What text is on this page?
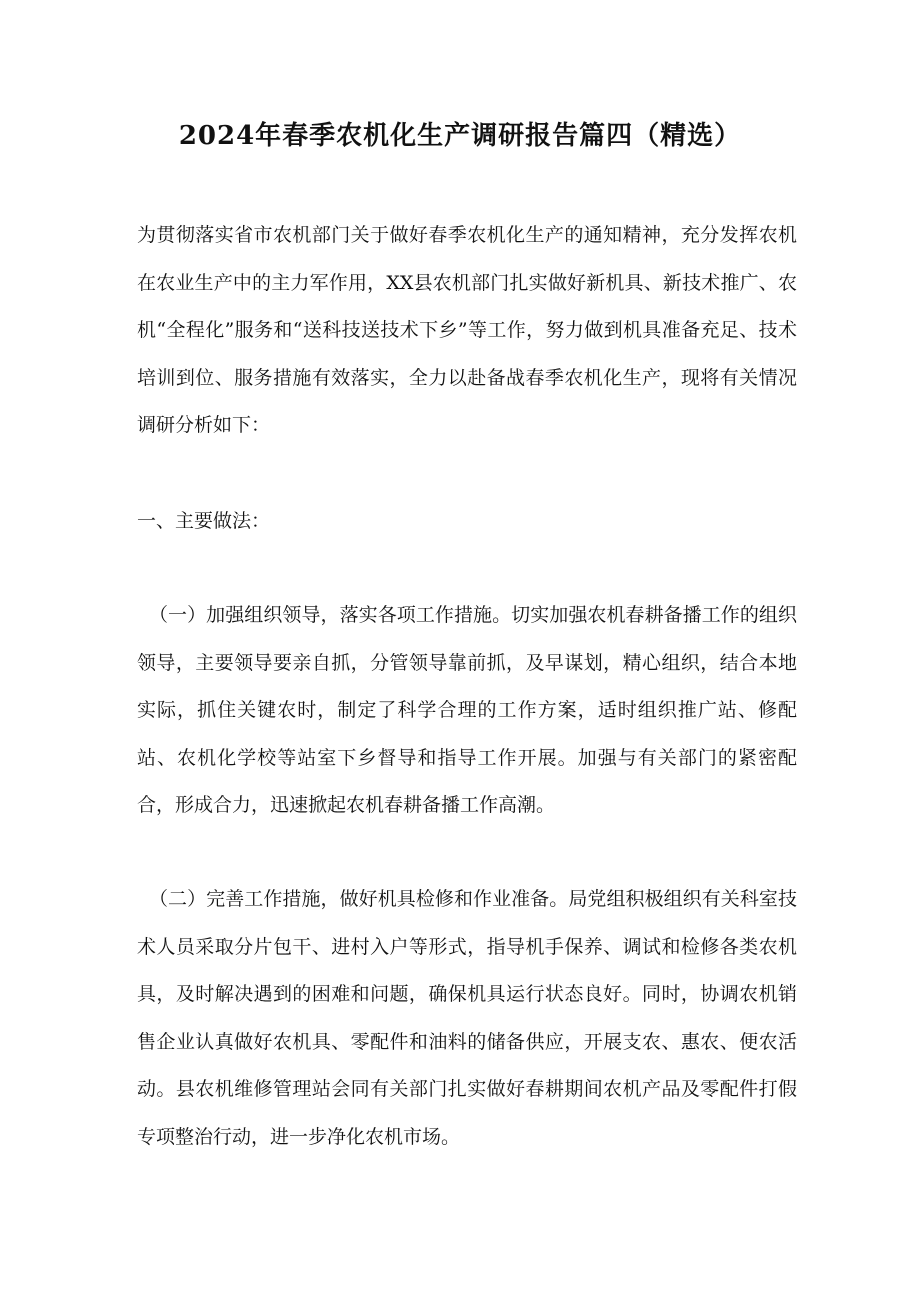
2024年春季农机化生产调研报告篇四（精选）

为贯彻落实省市农机部门关于做好春季农机化生产的通知精神，充分发挥农机在农业生产中的主力军作用，XX县农机部门扎实做好新机具、新技术推广、农机“全程化”服务和“送科技送技术下乡”等工作，努力做到机具准备充足、技术培训到位、服务措施有效落实，全力以赴备战春季农机化生产，现将有关情况调研分析如下：

一、主要做法：

（一）加强组织领导，落实各项工作措施。切实加强农机春耕备播工作的组织领导，主要领导要亲自抓，分管领导靠前抓，及早谋划，精心组织，结合本地实际，抓住关键农时，制定了科学合理的工作方案，适时组织推广站、修配站、农机化学校等站室下乡督导和指导工作开展。加强与有关部门的紧密配合，形成合力，迅速掀起农机春耕备播工作高潮。

（二）完善工作措施，做好机具检修和作业准备。局党组积极组织有关科室技术人员采取分片包干、进村入户等形式，指导机手保养、调试和检修各类农机具，及时解决遇到的困难和问题，确保机具运行状态良好。同时，协调农机销售企业认真做好农机具、零配件和油料的储备供应，开展支农、惠农、便农活动。县农机维修管理站会同有关部门扎实做好春耕期间农机产品及零配件打假专项整治行动，进一步净化农机市场。
